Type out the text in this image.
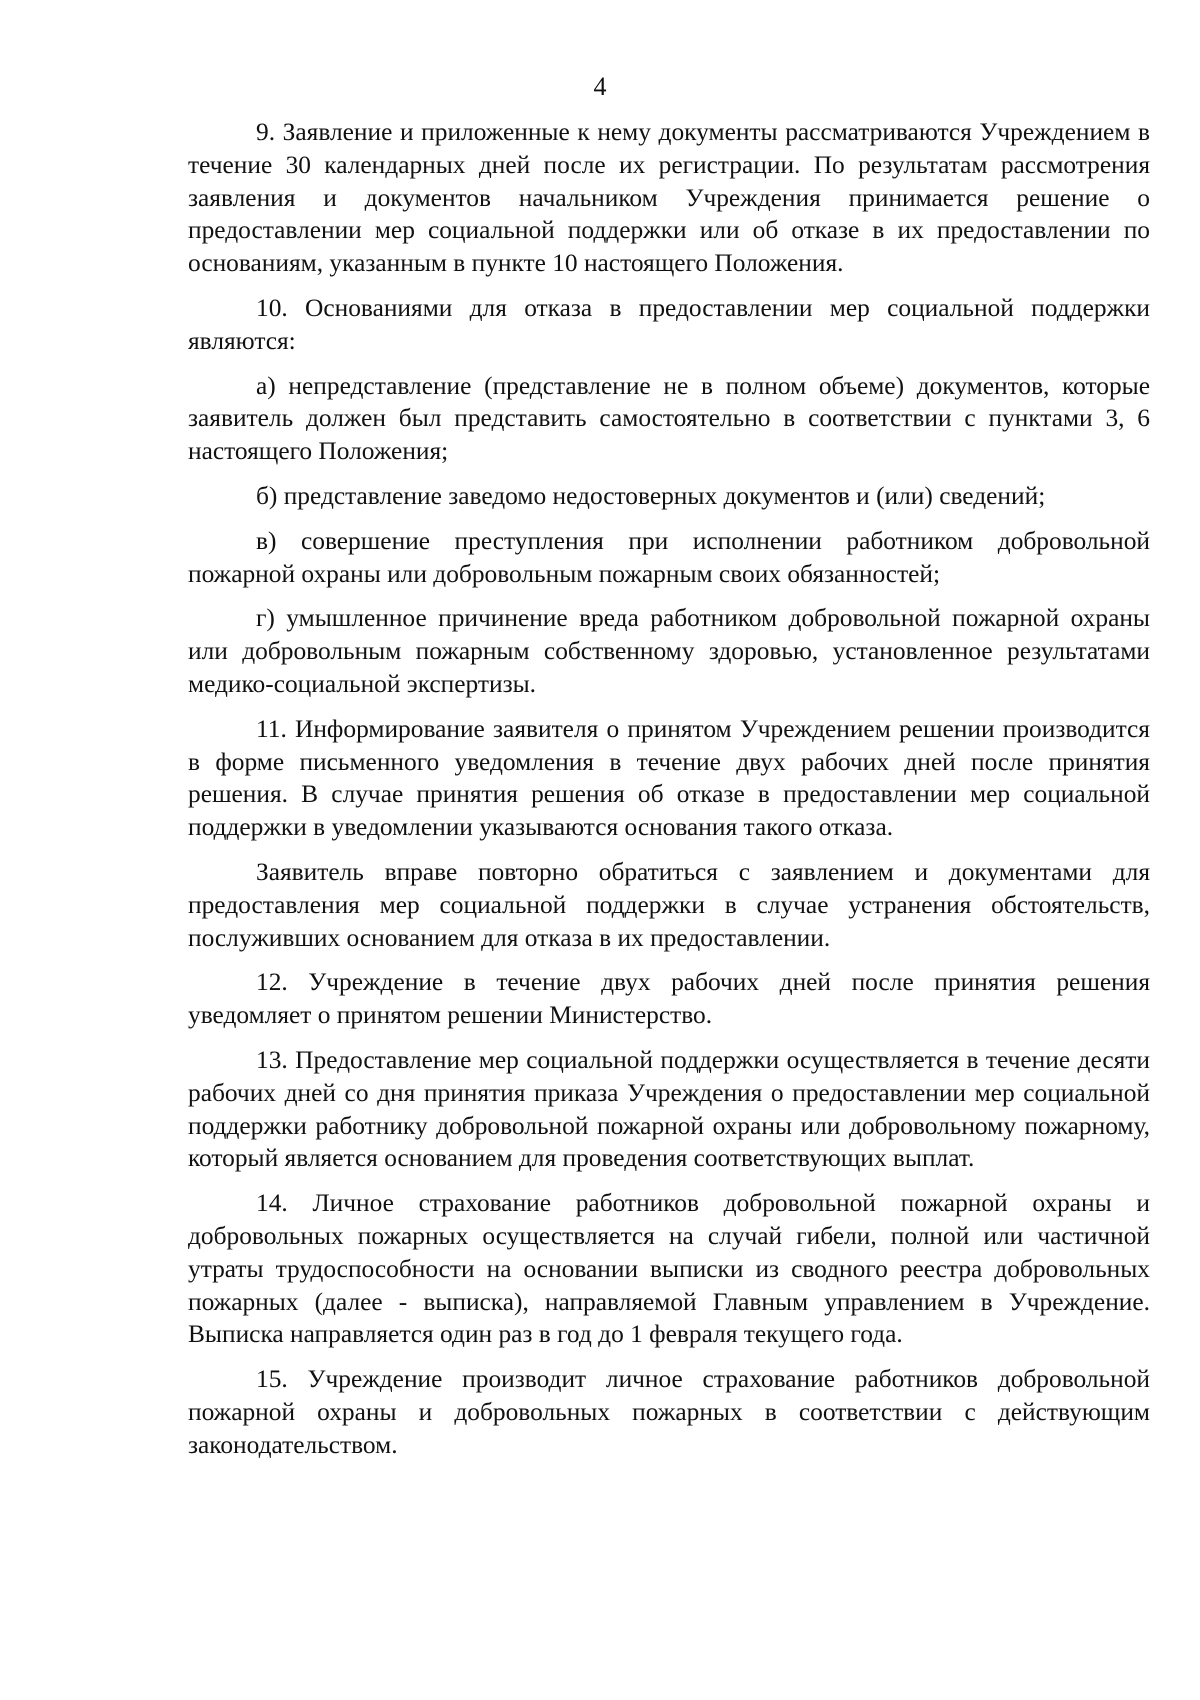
4

9. Заявление и приложенные к нему документы рассматриваются Учреждением в течение 30 календарных дней после их регистрации. По результатам рассмотрения заявления и документов начальником Учреждения принимается решение о предоставлении мер социальной поддержки или об отказе в их предоставлении по основаниям, указанным в пункте 10 настоящего Положения.

10. Основаниями для отказа в предоставлении мер социальной поддержки являются:

а) непредставление (представление не в полном объеме) документов, которые заявитель должен был представить самостоятельно в соответствии с пунктами 3, 6 настоящего Положения;

б) представление заведомо недостоверных документов и (или) сведений;

в) совершение преступления при исполнении работником добровольной пожарной охраны или добровольным пожарным своих обязанностей;

г) умышленное причинение вреда работником добровольной пожарной охраны или добровольным пожарным собственному здоровью, установленное результатами медико-социальной экспертизы.

11. Информирование заявителя о принятом Учреждением решении производится в форме письменного уведомления в течение двух рабочих дней после принятия решения. В случае принятия решения об отказе в предоставлении мер социальной поддержки в уведомлении указываются основания такого отказа.

Заявитель вправе повторно обратиться с заявлением и документами для предоставления мер социальной поддержки в случае устранения обстоятельств, послуживших основанием для отказа в их предоставлении.

12. Учреждение в течение двух рабочих дней после принятия решения уведомляет о принятом решении Министерство.

13. Предоставление мер социальной поддержки осуществляется в течение десяти рабочих дней со дня принятия приказа Учреждения о предоставлении мер социальной поддержки работнику добровольной пожарной охраны или добровольному пожарному, который является основанием для проведения соответствующих выплат.

14. Личное страхование работников добровольной пожарной охраны и добровольных пожарных осуществляется на случай гибели, полной или частичной утраты трудоспособности на основании выписки из сводного реестра добровольных пожарных (далее - выписка), направляемой Главным управлением в Учреждение. Выписка направляется один раз в год до 1 февраля текущего года.

15. Учреждение производит личное страхование работников добровольной пожарной охраны и добровольных пожарных в соответствии с действующим законодательством.
